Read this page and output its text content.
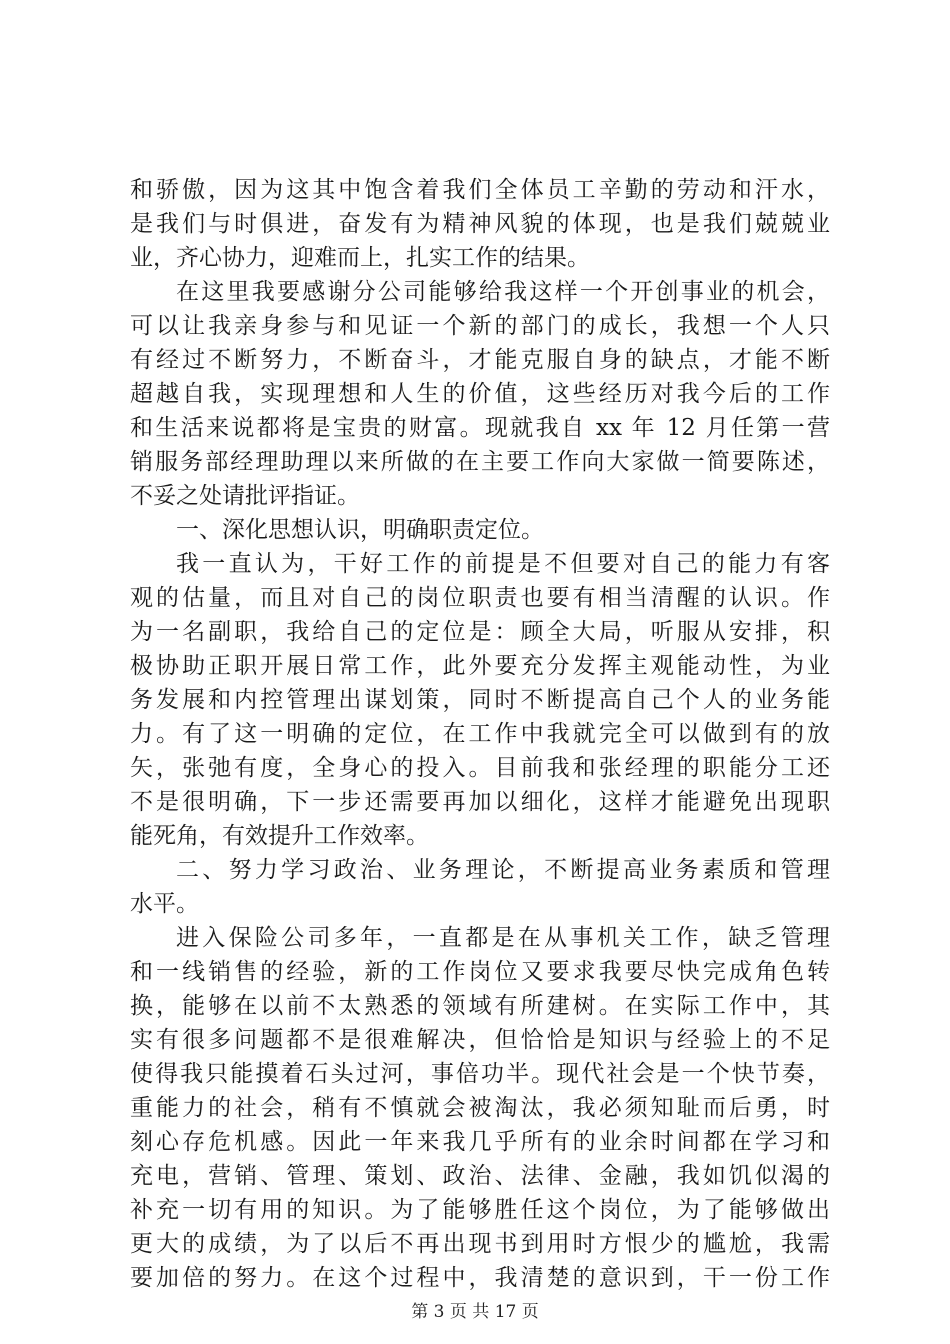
和骄傲，因为这其中饱含着我们全体员工辛勤的劳动和汗水，
是我们与时俱进，奋发有为精神风貌的体现，也是我们兢兢业
业，齐心协力，迎难而上，扎实工作的结果。
在这里我要感谢分公司能够给我这样一个开创事业的机会，
可以让我亲身参与和见证一个新的部门的成长，我想一个人只
有经过不断努力，不断奋斗，才能克服自身的缺点，才能不断
超越自我，实现理想和人生的价值，这些经历对我今后的工作
和生活来说都将是宝贵的财富。现就我自 xx 年 12 月任第一营
销服务部经理助理以来所做的在主要工作向大家做一简要陈述，
不妥之处请批评指证。
一、深化思想认识，明确职责定位。
我一直认为，干好工作的前提是不但要对自己的能力有客
观的估量，而且对自己的岗位职责也要有相当清醒的认识。作
为一名副职，我给自己的定位是：顾全大局，听服从安排，积
极协助正职开展日常工作，此外要充分发挥主观能动性，为业
务发展和内控管理出谋划策，同时不断提高自己个人的业务能
力。有了这一明确的定位，在工作中我就完全可以做到有的放
矢，张弛有度，全身心的投入。目前我和张经理的职能分工还
不是很明确，下一步还需要再加以细化，这样才能避免出现职
能死角，有效提升工作效率。
二、努力学习政治、业务理论，不断提高业务素质和管理
水平。
进入保险公司多年，一直都是在从事机关工作，缺乏管理
和一线销售的经验，新的工作岗位又要求我要尽快完成角色转
换，能够在以前不太熟悉的领域有所建树。在实际工作中，其
实有很多问题都不是很难解决，但恰恰是知识与经验上的不足
使得我只能摸着石头过河，事倍功半。现代社会是一个快节奏，
重能力的社会，稍有不慎就会被淘汰，我必须知耻而后勇，时
刻心存危机感。因此一年来我几乎所有的业余时间都在学习和
充电，营销、管理、策划、政治、法律、金融，我如饥似渴的
补充一切有用的知识。为了能够胜任这个岗位，为了能够做出
更大的成绩，为了以后不再出现书到用时方恨少的尴尬，我需
要加倍的努力。在这个过程中，我清楚的意识到，干一份工作
第 3 页 共 17 页
